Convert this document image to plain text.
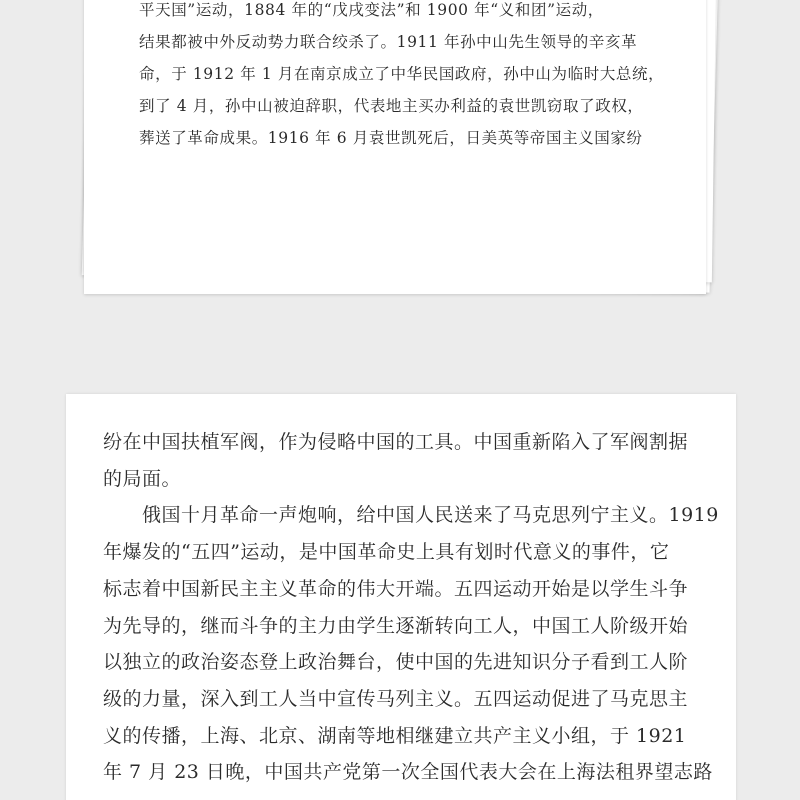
平天国”运动，1884 年的“戊戌变法”和 1900 年“义和团”运动，

结果都被中外反动势力联合绞杀了。1911 年孙中山先生领导的辛亥革

命，于 1912 年 1 月在南京成立了中华民国政府，孙中山为临时大总统，

到了 4 月，孙中山被迫辞职，代表地主买办利益的袁世凯窃取了政权，

葬送了革命成果。1916 年 6 月袁世凯死后，日美英等帝国主义国家纷

纷在中国扶植军阀，作为侵略中国的工具。中国重新陷入了军阀割据

的局面。

　　俄国十月革命一声炮响，给中国人民送来了马克思列宁主义。1919

年爆发的“五四”运动，是中国革命史上具有划时代意义的事件，它

标志着中国新民主主义革命的伟大开端。五四运动开始是以学生斗争

为先导的，继而斗争的主力由学生逐渐转向工人，中国工人阶级开始

以独立的政治姿态登上政治舞台，使中国的先进知识分子看到工人阶

级的力量，深入到工人当中宣传马列主义。五四运动促进了马克思主

义的传播，上海、北京、湖南等地相继建立共产主义小组，于 1921

年 7 月 23 日晚，中国共产党第一次全国代表大会在上海法租界望志路
